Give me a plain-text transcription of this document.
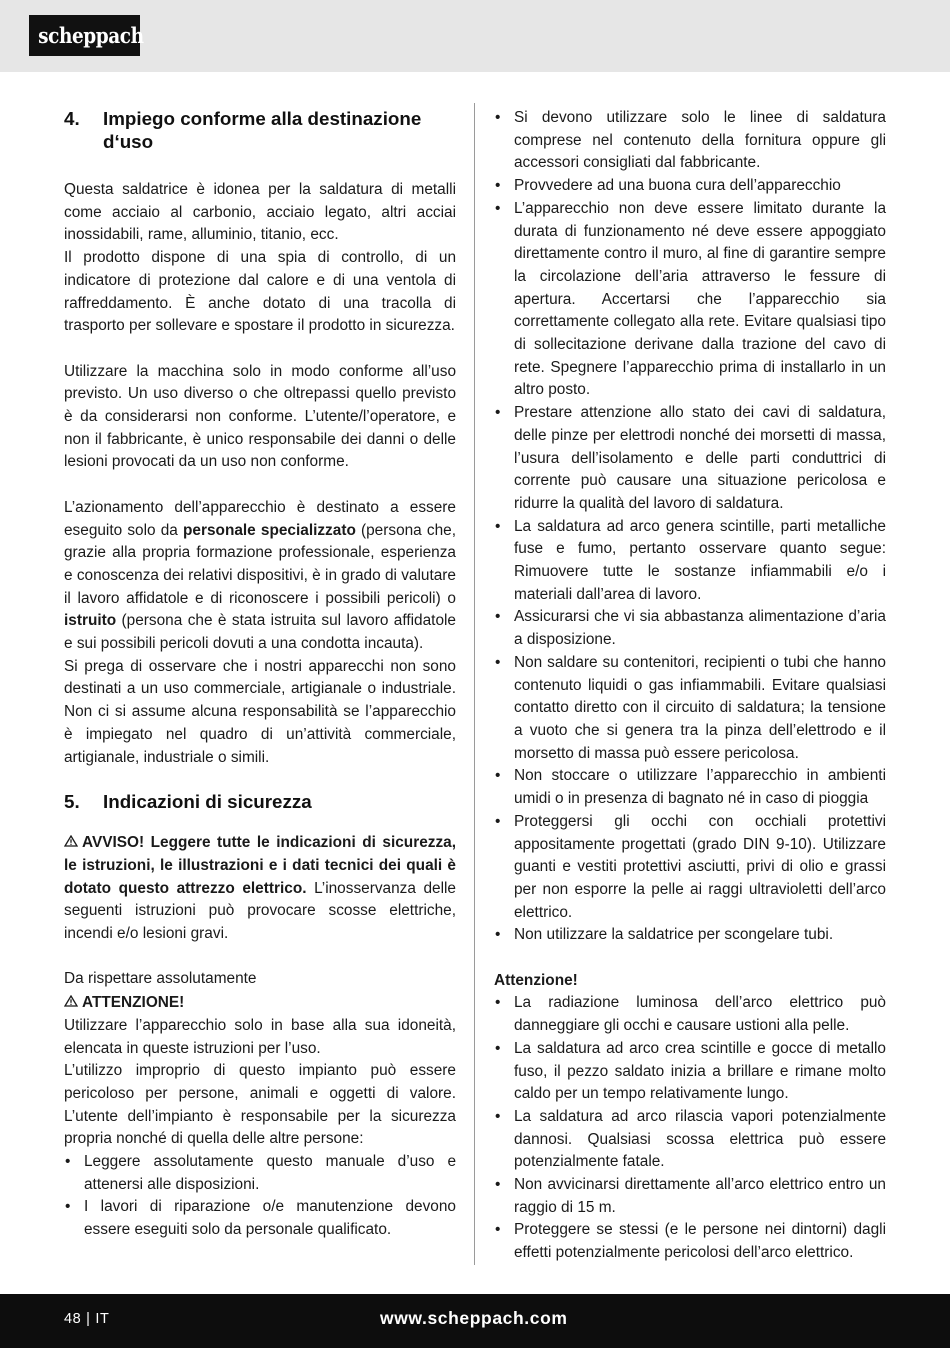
scheppach
4.	Impiego conforme alla destinazione d‘uso

Questa saldatrice è idonea per la saldatura di metalli come acciaio al carbonio, acciaio legato, altri acciai inossidabili, rame, alluminio, titanio, ecc.

Il prodotto dispone di una spia di controllo, di un indicatore di protezione dal calore e di una ventola di raffreddamento. È anche dotato di una tracolla di trasporto per sollevare e spostare il prodotto in sicurezza.

Utilizzare la macchina solo in modo conforme all’uso previsto. Un uso diverso o che oltrepassi quello previsto è da considerarsi non conforme. L’utente/l’operatore, e non il fabbricante, è unico responsabile dei danni o delle lesioni provocati da un uso non conforme.

L’azionamento dell’apparecchio è destinato a essere eseguito solo da personale specializzato (persona che, grazie alla propria formazione professionale, esperienza e conoscenza dei relativi dispositivi, è in grado di valutare il lavoro affidatole e di riconoscere i possibili pericoli) o istruito (persona che è stata istruita sul lavoro affidatole e sui possibili pericoli dovuti a una condotta incauta).

Si prega di osservare che i nostri apparecchi non sono destinati a un uso commerciale, artigianale o industriale. Non ci si assume alcuna responsabilità se l’apparecchio è impiegato nel quadro di un’attività commerciale, artigianale, industriale o simili.

5.	Indicazioni di sicurezza

AVVISO! Leggere tutte le indicazioni di sicurezza, le istruzioni, le illustrazioni e i dati tecnici dei quali è dotato questo attrezzo elettrico. L’inosservanza delle seguenti istruzioni può provocare scosse elettriche, incendi e/o lesioni gravi.

Da rispettare assolutamente

ATTENZIONE!

Utilizzare l’apparecchio solo in base alla sua idoneità, elencata in queste istruzioni per l’uso.

L’utilizzo improprio di questo impianto può essere pericoloso per persone, animali e oggetti di valore. L’utente dell’impianto è responsabile per la sicurezza propria nonché di quella delle altre persone:

• Leggere assolutamente questo manuale d’uso e attenersi alle disposizioni.
• I lavori di riparazione o/e manutenzione devono essere eseguiti solo da personale qualificato.
• Si devono utilizzare solo le linee di saldatura comprese nel contenuto della fornitura oppure gli accessori consigliati dal fabbricante.
• Provvedere ad una buona cura dell’apparecchio
• L’apparecchio non deve essere limitato durante la durata di funzionamento né deve essere appoggiato direttamente contro il muro, al fine di garantire sempre la circolazione dell’aria attraverso le fessure di apertura. Accertarsi che l’apparecchio sia correttamente collegato alla rete. Evitare qualsiasi tipo di sollecitazione derivane dalla trazione del cavo di rete. Spegnere l’apparecchio prima di installarlo in un altro posto.
• Prestare attenzione allo stato dei cavi di saldatura, delle pinze per elettrodi nonché dei morsetti di massa, l’usura dell’isolamento e delle parti conduttrici di corrente può causare una situazione pericolosa e ridurre la qualità del lavoro di saldatura.
• La saldatura ad arco genera scintille, parti metalliche fuse e fumo, pertanto osservare quanto segue: Rimuovere tutte le sostanze infiammabili e/o i materiali dall’area di lavoro.
• Assicurarsi che vi sia abbastanza alimentazione d’aria a disposizione.
• Non saldare su contenitori, recipienti o tubi che hanno contenuto liquidi o gas infiammabili. Evitare qualsiasi contatto diretto con il circuito di saldatura; la tensione a vuoto che si genera tra la pinza dell’elettrodo e il morsetto di massa può essere pericolosa.
• Non stoccare o utilizzare l’apparecchio in ambienti umidi o in presenza di bagnato né in caso di pioggia
• Proteggersi gli occhi con occhiali protettivi appositamente progettati (grado DIN 9-10). Utilizzare guanti e vestiti protettivi asciutti, privi di olio e grassi per non esporre la pelle ai raggi ultravioletti dell’arco elettrico.
• Non utilizzare la saldatrice per scongelare tubi.

Attenzione!

• La radiazione luminosa dell’arco elettrico può danneggiare gli occhi e causare ustioni alla pelle.
• La saldatura ad arco crea scintille e gocce di metallo fuso, il pezzo saldato inizia a brillare e rimane molto caldo per un tempo relativamente lungo.
• La saldatura ad arco rilascia vapori potenzialmente dannosi. Qualsiasi scossa elettrica può essere potenzialmente fatale.
• Non avvicinarsi direttamente all’arco elettrico entro un raggio di 15 m.
• Proteggere se stessi (e le persone nei dintorni) dagli effetti potenzialmente pericolosi dell’arco elettrico.
48 | IT	www.scheppach.com
